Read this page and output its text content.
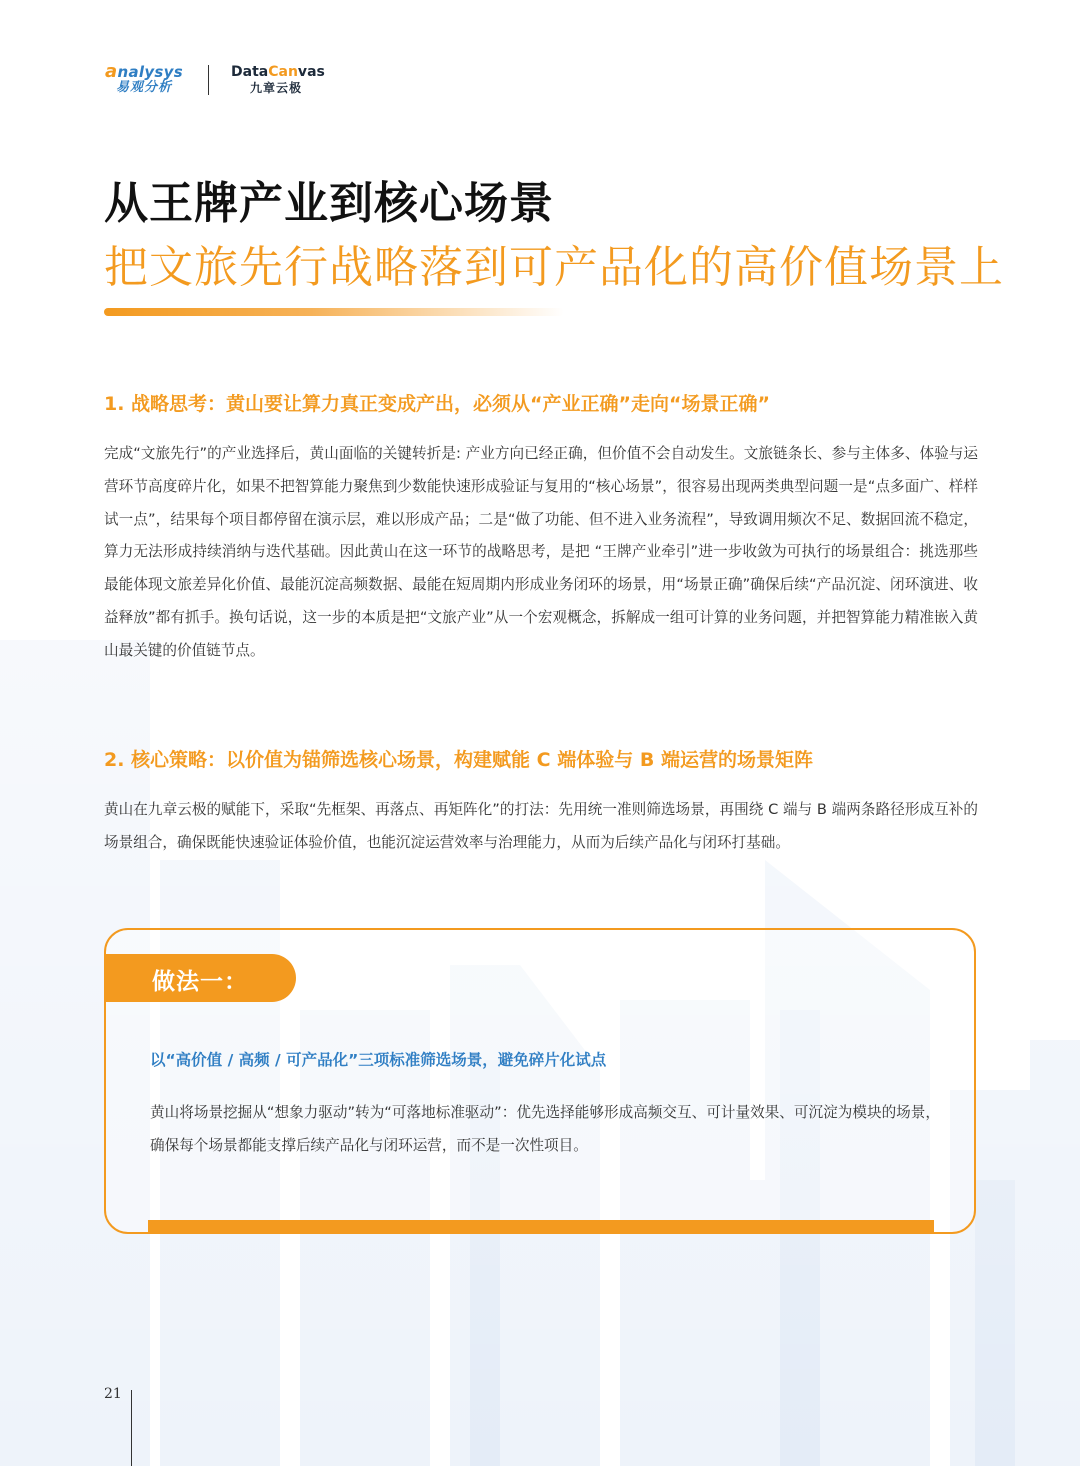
analysys
易观分析
DataCanvas
九章云极
从王牌产业到核心场景
把文旅先行战略落到可产品化的高价值场景上
1. 战略思考：黄山要让算力真正变成产出，必须从“产业正确”走向“场景正确”
完成“文旅先行”的产业选择后，黄山面临的关键转折是: 产业方向已经正确，但价值不会自动发生。文旅链条长、参与主体多、体验与运营环节高度碎片化，如果不把智算能力聚焦到少数能快速形成验证与复用的“核心场景”，很容易出现两类典型问题一是“点多面广、样样试一点”，结果每个项目都停留在演示层，难以形成产品；二是“做了功能、但不进入业务流程”，导致调用频次不足、数据回流不稳定，算力无法形成持续消纳与迭代基础。因此黄山在这一环节的战略思考，是把 “王牌产业牵引”进一步收敛为可执行的场景组合：挑选那些最能体现文旅差异化价值、最能沉淀高频数据、最能在短周期内形成业务闭环的场景，用“场景正确”确保后续“产品沉淀、闭环演进、收益释放”都有抓手。换句话说，这一步的本质是把“文旅产业”从一个宏观概念，拆解成一组可计算的业务问题，并把智算能力精准嵌入黄山最关键的价值链节点。
2. 核心策略：以价值为锚筛选核心场景，构建赋能 C 端体验与 B 端运营的场景矩阵
黄山在九章云极的赋能下，采取“先框架、再落点、再矩阵化”的打法：先用统一准则筛选场景，再围绕 C 端与 B 端两条路径形成互补的场景组合，确保既能快速验证体验价值，也能沉淀运营效率与治理能力，从而为后续产品化与闭环打基础。
做法一：
以“高价值 / 高频 / 可产品化”三项标准筛选场景，避免碎片化试点
黄山将场景挖掘从“想象力驱动”转为“可落地标准驱动”：优先选择能够形成高频交互、可计量效果、可沉淀为模块的场景，确保每个场景都能支撑后续产品化与闭环运营，而不是一次性项目。
21
